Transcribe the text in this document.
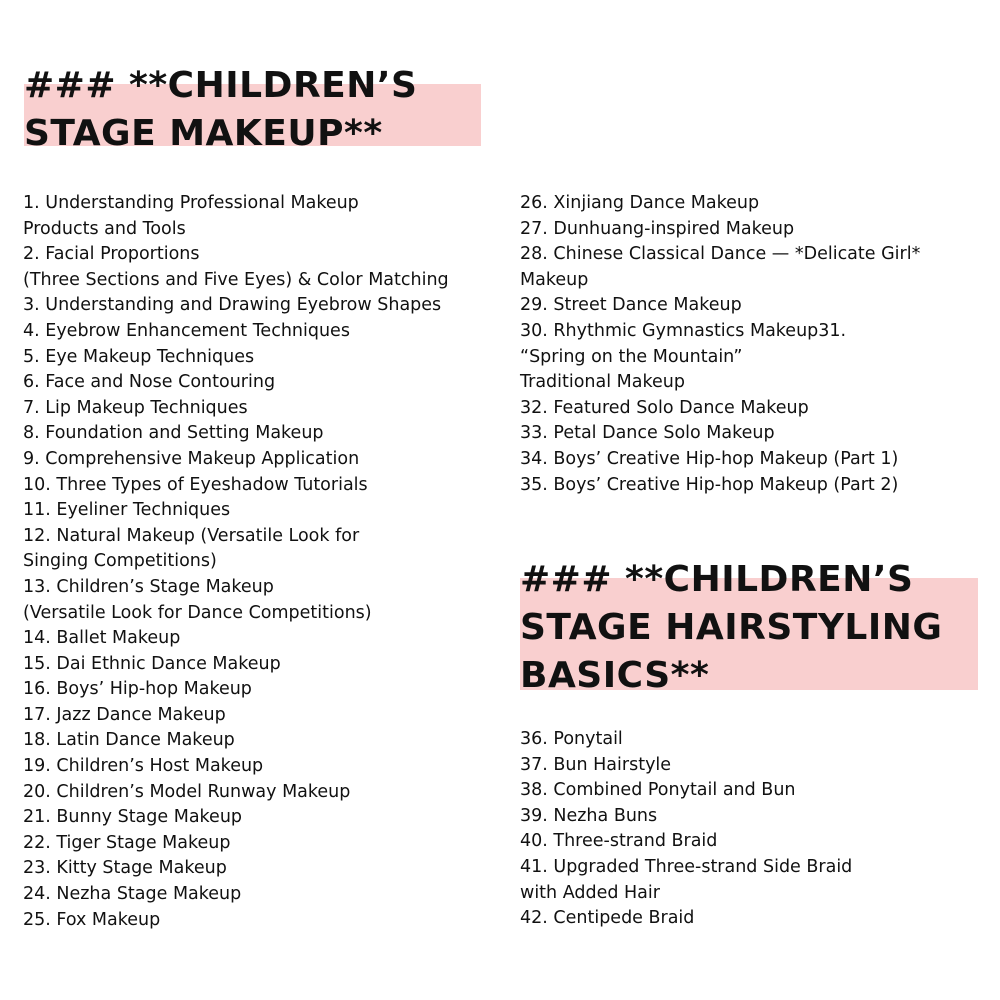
### **CHILDREN’S
STAGE MAKEUP**
1. Understanding Professional Makeup
Products and Tools
2. Facial Proportions
(Three Sections and Five Eyes) & Color Matching
3. Understanding and Drawing Eyebrow Shapes
4. Eyebrow Enhancement Techniques
5. Eye Makeup Techniques
6. Face and Nose Contouring
7. Lip Makeup Techniques
8. Foundation and Setting Makeup
9. Comprehensive Makeup Application
10. Three Types of Eyeshadow Tutorials
11. Eyeliner Techniques
12. Natural Makeup (Versatile Look for
Singing Competitions)
13. Children’s Stage Makeup
(Versatile Look for Dance Competitions)
14. Ballet Makeup
15. Dai Ethnic Dance Makeup
16. Boys’ Hip-hop Makeup
17. Jazz Dance Makeup
18. Latin Dance Makeup
19. Children’s Host Makeup
20. Children’s Model Runway Makeup
21. Bunny Stage Makeup
22. Tiger Stage Makeup
23. Kitty Stage Makeup
24. Nezha Stage Makeup
25. Fox Makeup
26. Xinjiang Dance Makeup
27. Dunhuang-inspired Makeup
28. Chinese Classical Dance — *Delicate Girl*
Makeup
29. Street Dance Makeup
30. Rhythmic Gymnastics Makeup31.
“Spring on the Mountain”
Traditional Makeup
32. Featured Solo Dance Makeup
33. Petal Dance Solo Makeup
34. Boys’ Creative Hip-hop Makeup (Part 1)
35. Boys’ Creative Hip-hop Makeup (Part 2)
### **CHILDREN’S
STAGE HAIRSTYLING
BASICS**
36. Ponytail
37. Bun Hairstyle
38. Combined Ponytail and Bun
39. Nezha Buns
40. Three-strand Braid
41. Upgraded Three-strand Side Braid
with Added Hair
42. Centipede Braid
